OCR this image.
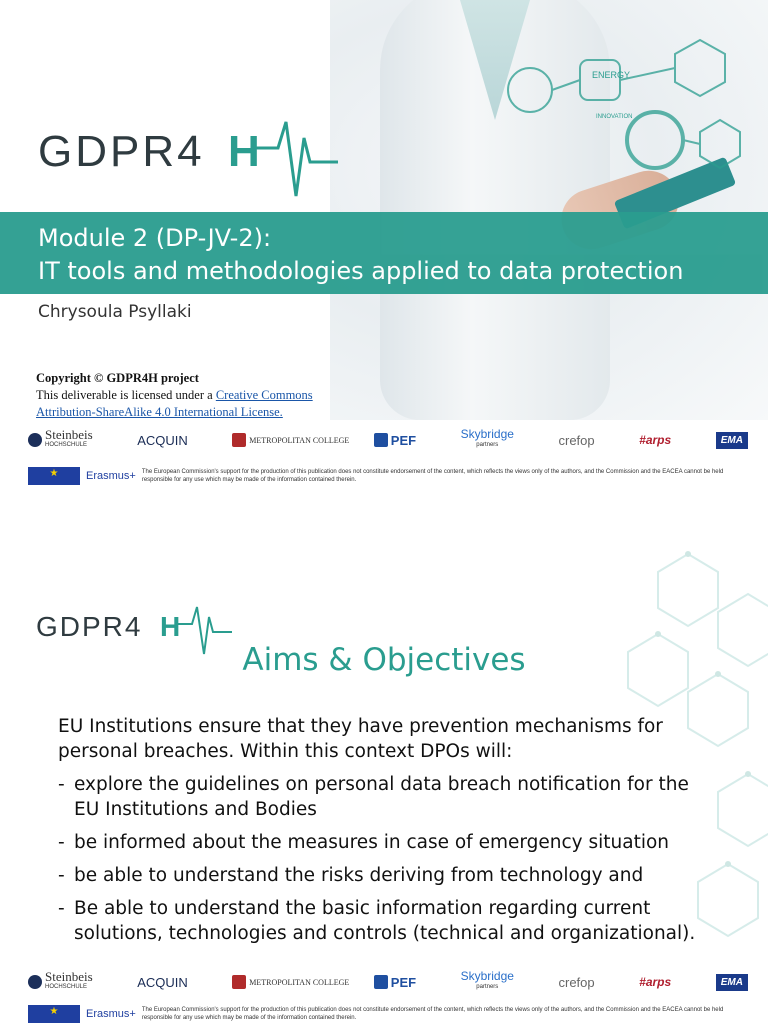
ENERGY
INNOVATION
GDPR4 H
Module 2 (DP-JV-2):
IT tools and methodologies applied to data protection
Chrysoula Psyllaki
Copyright © GDPR4H project
This deliverable is licensed under a Creative Commons
Attribution-ShareAlike 4.0 International License.
Steinbeis
HOCHSCHULE	ACQUIN	METROPOLITAN COLLEGE	PEF	Skybridge
partners	crefop	#arps	EMA
★
Erasmus+ The European Commission's support for the production of this publication does not constitute endorsement of the content, which reflects the views only of the authors, and the Commission and the EACEA cannot be held responsible for any use which may be made of the information contained therein.
GDPR4 H
Aims & Objectives
EU Institutions ensure that they have prevention mechanisms for personal breaches. Within this context DPOs will:
- explore the guidelines on personal data breach notification for the EU Institutions and Bodies
- be informed about the measures in case of emergency situation
- be able to understand the risks deriving from technology and
- Be able to understand the basic information regarding current solutions, technologies and controls (technical and organizational).
Steinbeis
HOCHSCHULE	ACQUIN	METROPOLITAN COLLEGE	PEF	Skybridge
partners	crefop	#arps	EMA
★
Erasmus+ The European Commission's support for the production of this publication does not constitute endorsement of the content, which reflects the views only of the authors, and the Commission and the EACEA cannot be held responsible for any use which may be made of the information contained therein.
